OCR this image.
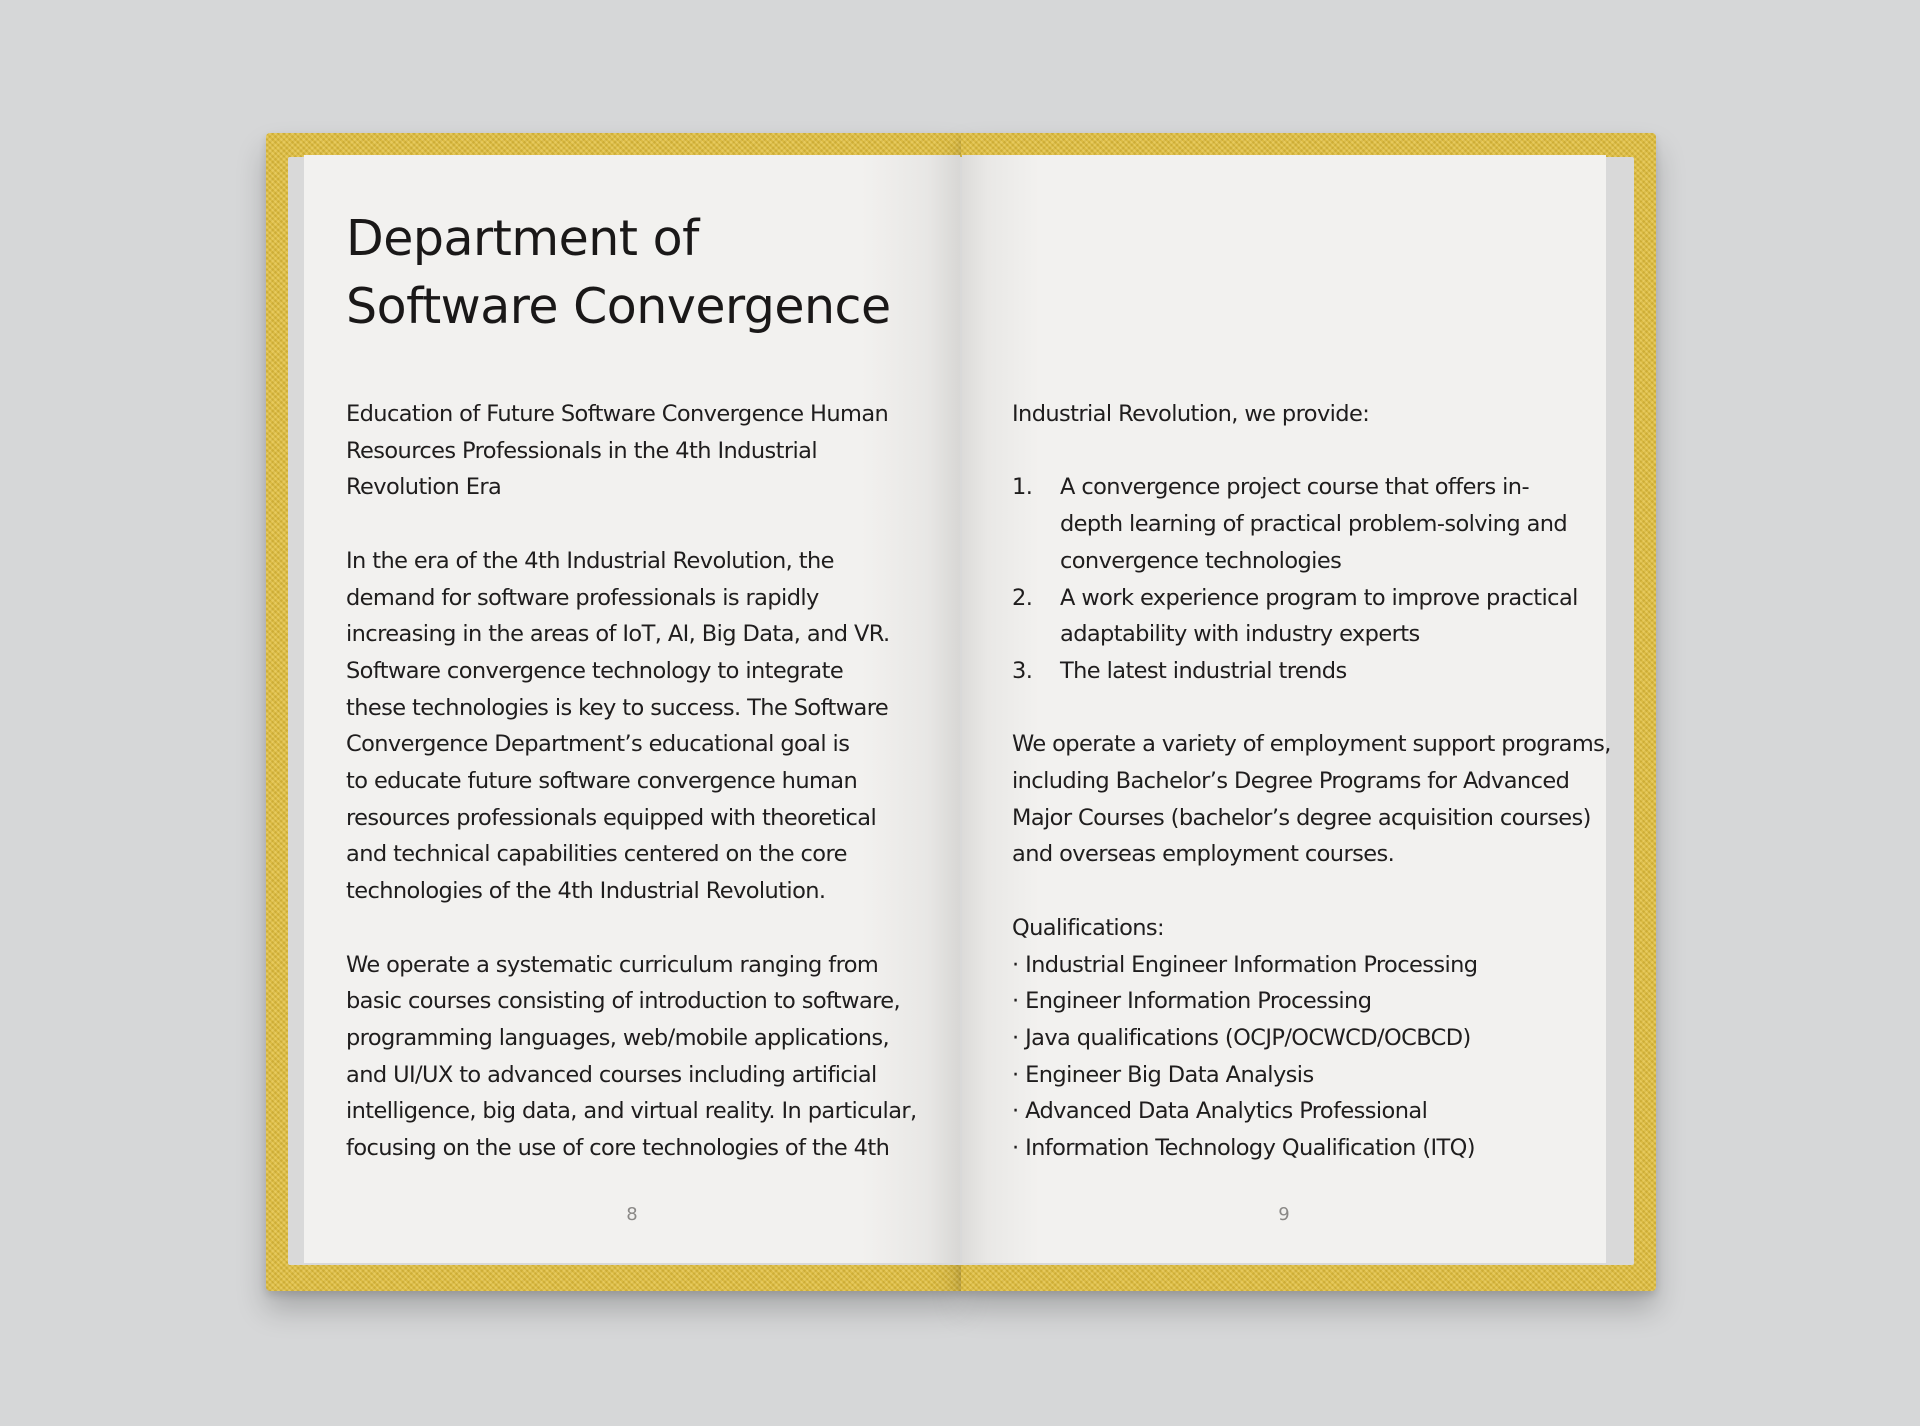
Department of
Software Convergence

Education of Future Software Convergence Human

Resources Professionals in the 4th Industrial

Revolution Era

In the era of the 4th Industrial Revolution, the

demand for software professionals is rapidly

increasing in the areas of IoT, AI, Big Data, and VR.

Software convergence technology to integrate

these technologies is key to success. The Software

Convergence Department’s educational goal is

to educate future software convergence human

resources professionals equipped with theoretical

and technical capabilities centered on the core

technologies of the 4th Industrial Revolution.

We operate a systematic curriculum ranging from

basic courses consisting of introduction to software,

programming languages, web/mobile applications,

and UI/UX to advanced courses including artificial

intelligence, big data, and virtual reality. In particular,

focusing on the use of core technologies of the 4th

8

Industrial Revolution, we provide:

1.	A convergence project course that offers in-

depth learning of practical problem-solving and

convergence technologies

2.	A work experience program to improve practical

adaptability with industry experts

3.	The latest industrial trends

We operate a variety of employment support programs,

including Bachelor’s Degree Programs for Advanced

Major Courses (bachelor’s degree acquisition courses)

and overseas employment courses.

Qualifications:

· Industrial Engineer Information Processing

· Engineer Information Processing

· Java qualifications (OCJP/OCWCD/OCBCD)

· Engineer Big Data Analysis

· Advanced Data Analytics Professional

· Information Technology Qualification (ITQ)

9
